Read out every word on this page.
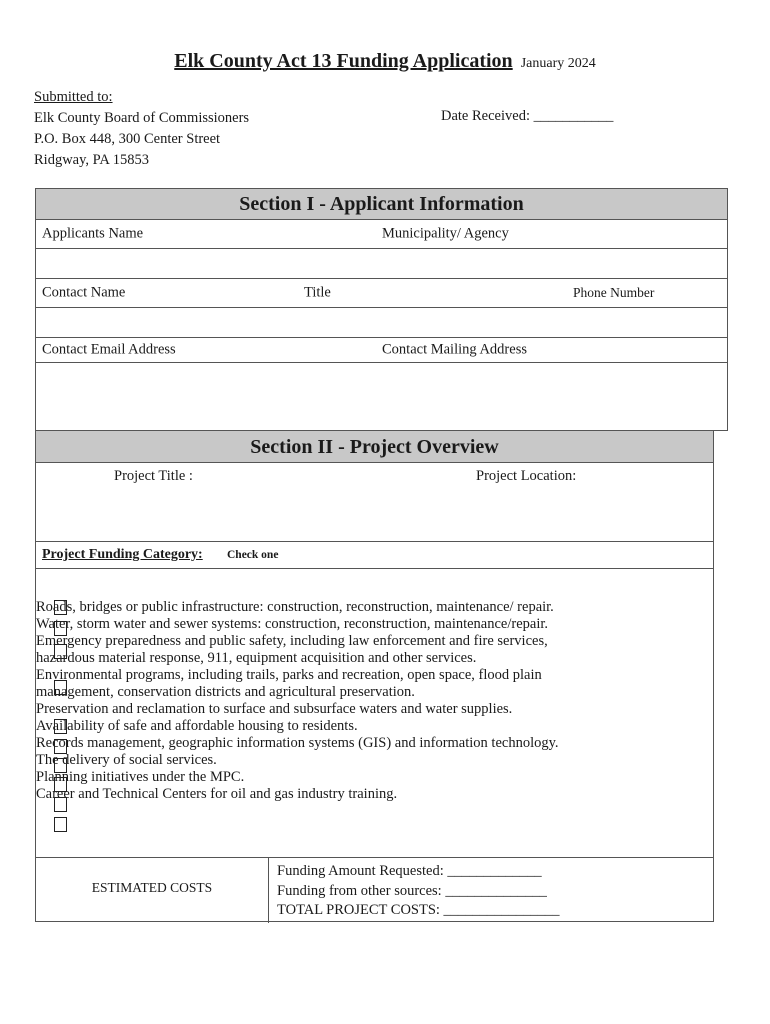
Elk County Act 13 Funding Application January 2024
Submitted to:
Elk County Board of Commissioners
P.O. Box 448, 300 Center Street
Ridgway, PA 15853
Date Received: ___________
Section I - Applicant Information
Applicants Name	Municipality/ Agency
Contact Name	Title	Phone Number
Contact Email Address	Contact Mailing Address
Section II - Project Overview
Project Title :	Project Location:
Project Funding Category: Check one
Roads, bridges or public infrastructure: construction, reconstruction, maintenance/ repair.
Water, storm water and sewer systems: construction, reconstruction, maintenance/repair.
Emergency preparedness and public safety, including law enforcement and fire services,
hazardous material response, 911, equipment acquisition and other services.
Environmental programs, including trails, parks and recreation, open space, flood plain
management, conservation districts and agricultural preservation.
Preservation and reclamation to surface and subsurface waters and water supplies.
Availability of safe and affordable housing to residents.
Records management, geographic information systems (GIS) and information technology.
The delivery of social services.
Planning initiatives under the MPC.
Career and Technical Centers for oil and gas industry training.
ESTIMATED COSTS
Funding Amount Requested: _____________
Funding from other sources: ______________
TOTAL PROJECT COSTS: ________________
